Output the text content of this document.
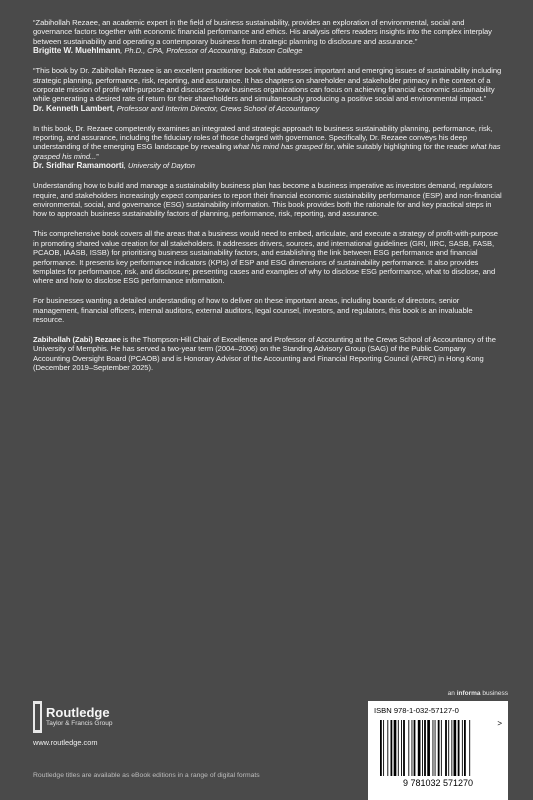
“Zabihollah Rezaee, an academic expert in the field of business sustainability, provides an exploration of environmental, social and governance factors together with economic financial performance and ethics. His analysis offers readers insights into the complex interplay between sustainability and operating a contemporary business from strategic planning to disclosure and assurance.”

Brigitte W. Muehlmann, Ph.D., CPA, Professor of Accounting, Babson College

“This book by Dr. Zabihollah Rezaee is an excellent practitioner book that addresses important and emerging issues of sustainability including strategic planning, performance, risk, reporting, and assurance. It has chapters on shareholder and stakeholder primacy in the context of a corporate mission of profit-with-purpose and discusses how business organizations can focus on achieving financial economic sustainability while generating a desired rate of return for their shareholders and simultaneously producing a positive social and environmental impact.”

Dr. Kenneth Lambert, Professor and Interim Director, Crews School of Accountancy

In this book, Dr. Rezaee competently examines an integrated and strategic approach to business sustainability planning, performance, risk, reporting, and assurance, including the fiduciary roles of those charged with governance. Specifically, Dr. Rezaee conveys his deep understanding of the emerging ESG landscape by revealing what his mind has grasped for, while suitably highlighting for the reader what has grasped his mind...”

Dr. Sridhar Ramamoorti, University of Dayton

Understanding how to build and manage a sustainability business plan has become a business imperative as investors demand, regulators require, and stakeholders increasingly expect companies to report their financial economic sustainability performance (ESP) and non-financial environmental, social, and governance (ESG) sustainability information. This book provides both the rationale for and key practical steps in how to approach business sustainability factors of planning, performance, risk, reporting, and assurance.

This comprehensive book covers all the areas that a business would need to embed, articulate, and execute a strategy of profit-with-purpose in promoting shared value creation for all stakeholders. It addresses drivers, sources, and international guidelines (GRI, IIRC, SASB, FASB, PCAOB, IAASB, ISSB) for prioritising business sustainability factors, and establishing the link between ESG performance and financial performance. It presents key performance indicators (KPIs) of ESP and ESG dimensions of sustainability performance. It also provides templates for performance, risk, and disclosure; presenting cases and examples of why to disclose ESG performance, what to disclose, and where and how to disclose ESG performance information.

For businesses wanting a detailed understanding of how to deliver on these important areas, including boards of directors, senior management, financial officers, internal auditors, external auditors, legal counsel, investors, and regulators, this book is an invaluable resource.

Zabihollah (Zabi) Rezaee is the Thompson-Hill Chair of Excellence and Professor of Accounting at the Crews School of Accountancy of the University of Memphis. He has served a two-year term (2004–2006) on the Standing Advisory Group (SAG) of the Public Company Accounting Oversight Board (PCAOB) and is Honorary Advisor of the Accounting and Financial Reporting Council (AFRC) in Hong Kong (December 2019–September 2025).

Routledge
Taylor & Francis Group
www.routledge.com
Routledge titles are available as eBook editions in a range of digital formats
an informa business
ISBN 978-1-032-57127-0
9 781032 571270
>
